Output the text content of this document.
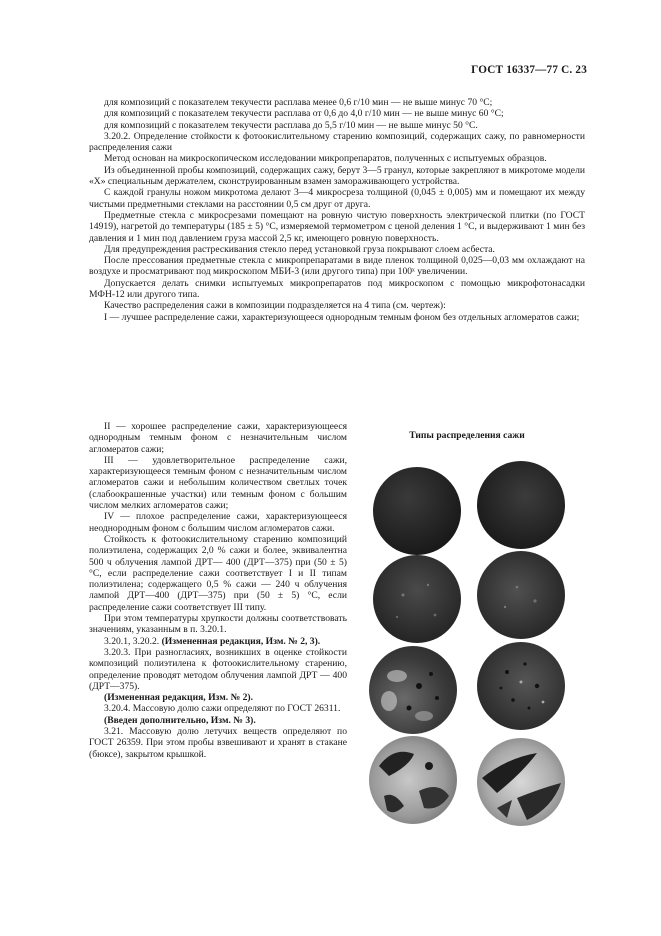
ГОСТ 16337—77 С. 23

для композиций с показателем текучести расплава менее 0,6 г/10 мин — не выше минус 70 °С;

для композиций с показателем текучести расплава от 0,6 до 4,0 г/10 мин — не выше минус 60 °С;

для композиций с показателем текучести расплава до 5,5 г/10 мин — не выше минус 50 °С.

3.20.2. Определение стойкости к фотоокислительному старению композиций, содержащих сажу, по равномерности распределения сажи

Метод основан на микроскопическом исследовании микропрепаратов, полученных с испытуемых образцов.

Из объединенной пробы композиций, содержащих сажу, берут 3—5 гранул, которые закрепляют в микротоме модели «X» специальным держателем, сконструированным взамен замораживающего устройства.

С каждой гранулы ножом микротома делают 3—4 микросреза толщиной (0,045 ± 0,005) мм и помещают их между чистыми предметными стеклами на расстоянии 0,5 см друг от друга.

Предметные стекла с микросрезами помещают на ровную чистую поверхность электрической плитки (по ГОСТ 14919), нагретой до температуры (185 ± 5) °С, измеряемой термометром с ценой деления 1 °С, и выдерживают 1 мин без давления и 1 мин под давлением груза массой 2,5 кг, имеющего ровную поверхность.

Для предупреждения растрескивания стекло перед установкой груза покрывают слоем асбеста.

После прессования предметные стекла с микропрепаратами в виде пленок толщиной 0,025—0,03 мм охлаждают на воздухе и просматривают под микроскопом МБИ-3 (или другого типа) при 100ˣ увеличении.

Допускается делать снимки испытуемых микропрепаратов под микроскопом с помощью микрофотонасадки МФН-12 или другого типа.

Качество распределения сажи в композиции подразделяется на 4 типа (см. чертеж):

I — лучшее распределение сажи, характеризующееся однородным темным фоном без отдельных агломератов сажи;

II — хорошее распределение сажи, характеризующееся однородным темным фоном с незначительным числом агломератов сажи;

III — удовлетворительное распределение сажи, характеризующееся темным фоном с незначительным числом агломератов сажи и небольшим количеством светлых точек (слабоокрашенные участки) или темным фоном с большим числом мелких агломератов сажи;

IV — плохое распределение сажи, характеризующееся неоднородным фоном с большим числом агломератов сажи.

Стойкость к фотоокислительному старению композиций полиэтилена, содержащих 2,0 % сажи и более, эквивалентна 500 ч облучения лампой ДРТ— 400 (ДРТ—375) при (50 ± 5) °С, если распределение сажи соответствует I и II типам полиэтилена; содержащего 0,5 % сажи — 240 ч облучения лампой ДРТ—400 (ДРТ—375) при (50 ± 5) °С, если распределение сажи соответствует III типу.

При этом температуры хрупкости должны соответствовать значениям, указанным в п. 3.20.1.

3.20.1, 3.20.2. (Измененная редакция, Изм. № 2, 3).

3.20.3. При разногласиях, возникших в оценке стойкости композиций полиэтилена к фотоокислительному старению, определение проводят методом облучения лампой ДРТ — 400 (ДРТ—375).

(Измененная редакция, Изм. № 2).

3.20.4. Массовую долю сажи определяют по ГОСТ 26311.

(Введен дополнительно, Изм. № 3).

3.21. Массовую долю летучих веществ определяют по ГОСТ 26359. При этом пробы взвешивают и хранят в стакане (бюксе), закрытом крышкой.

Типы распределения сажи
